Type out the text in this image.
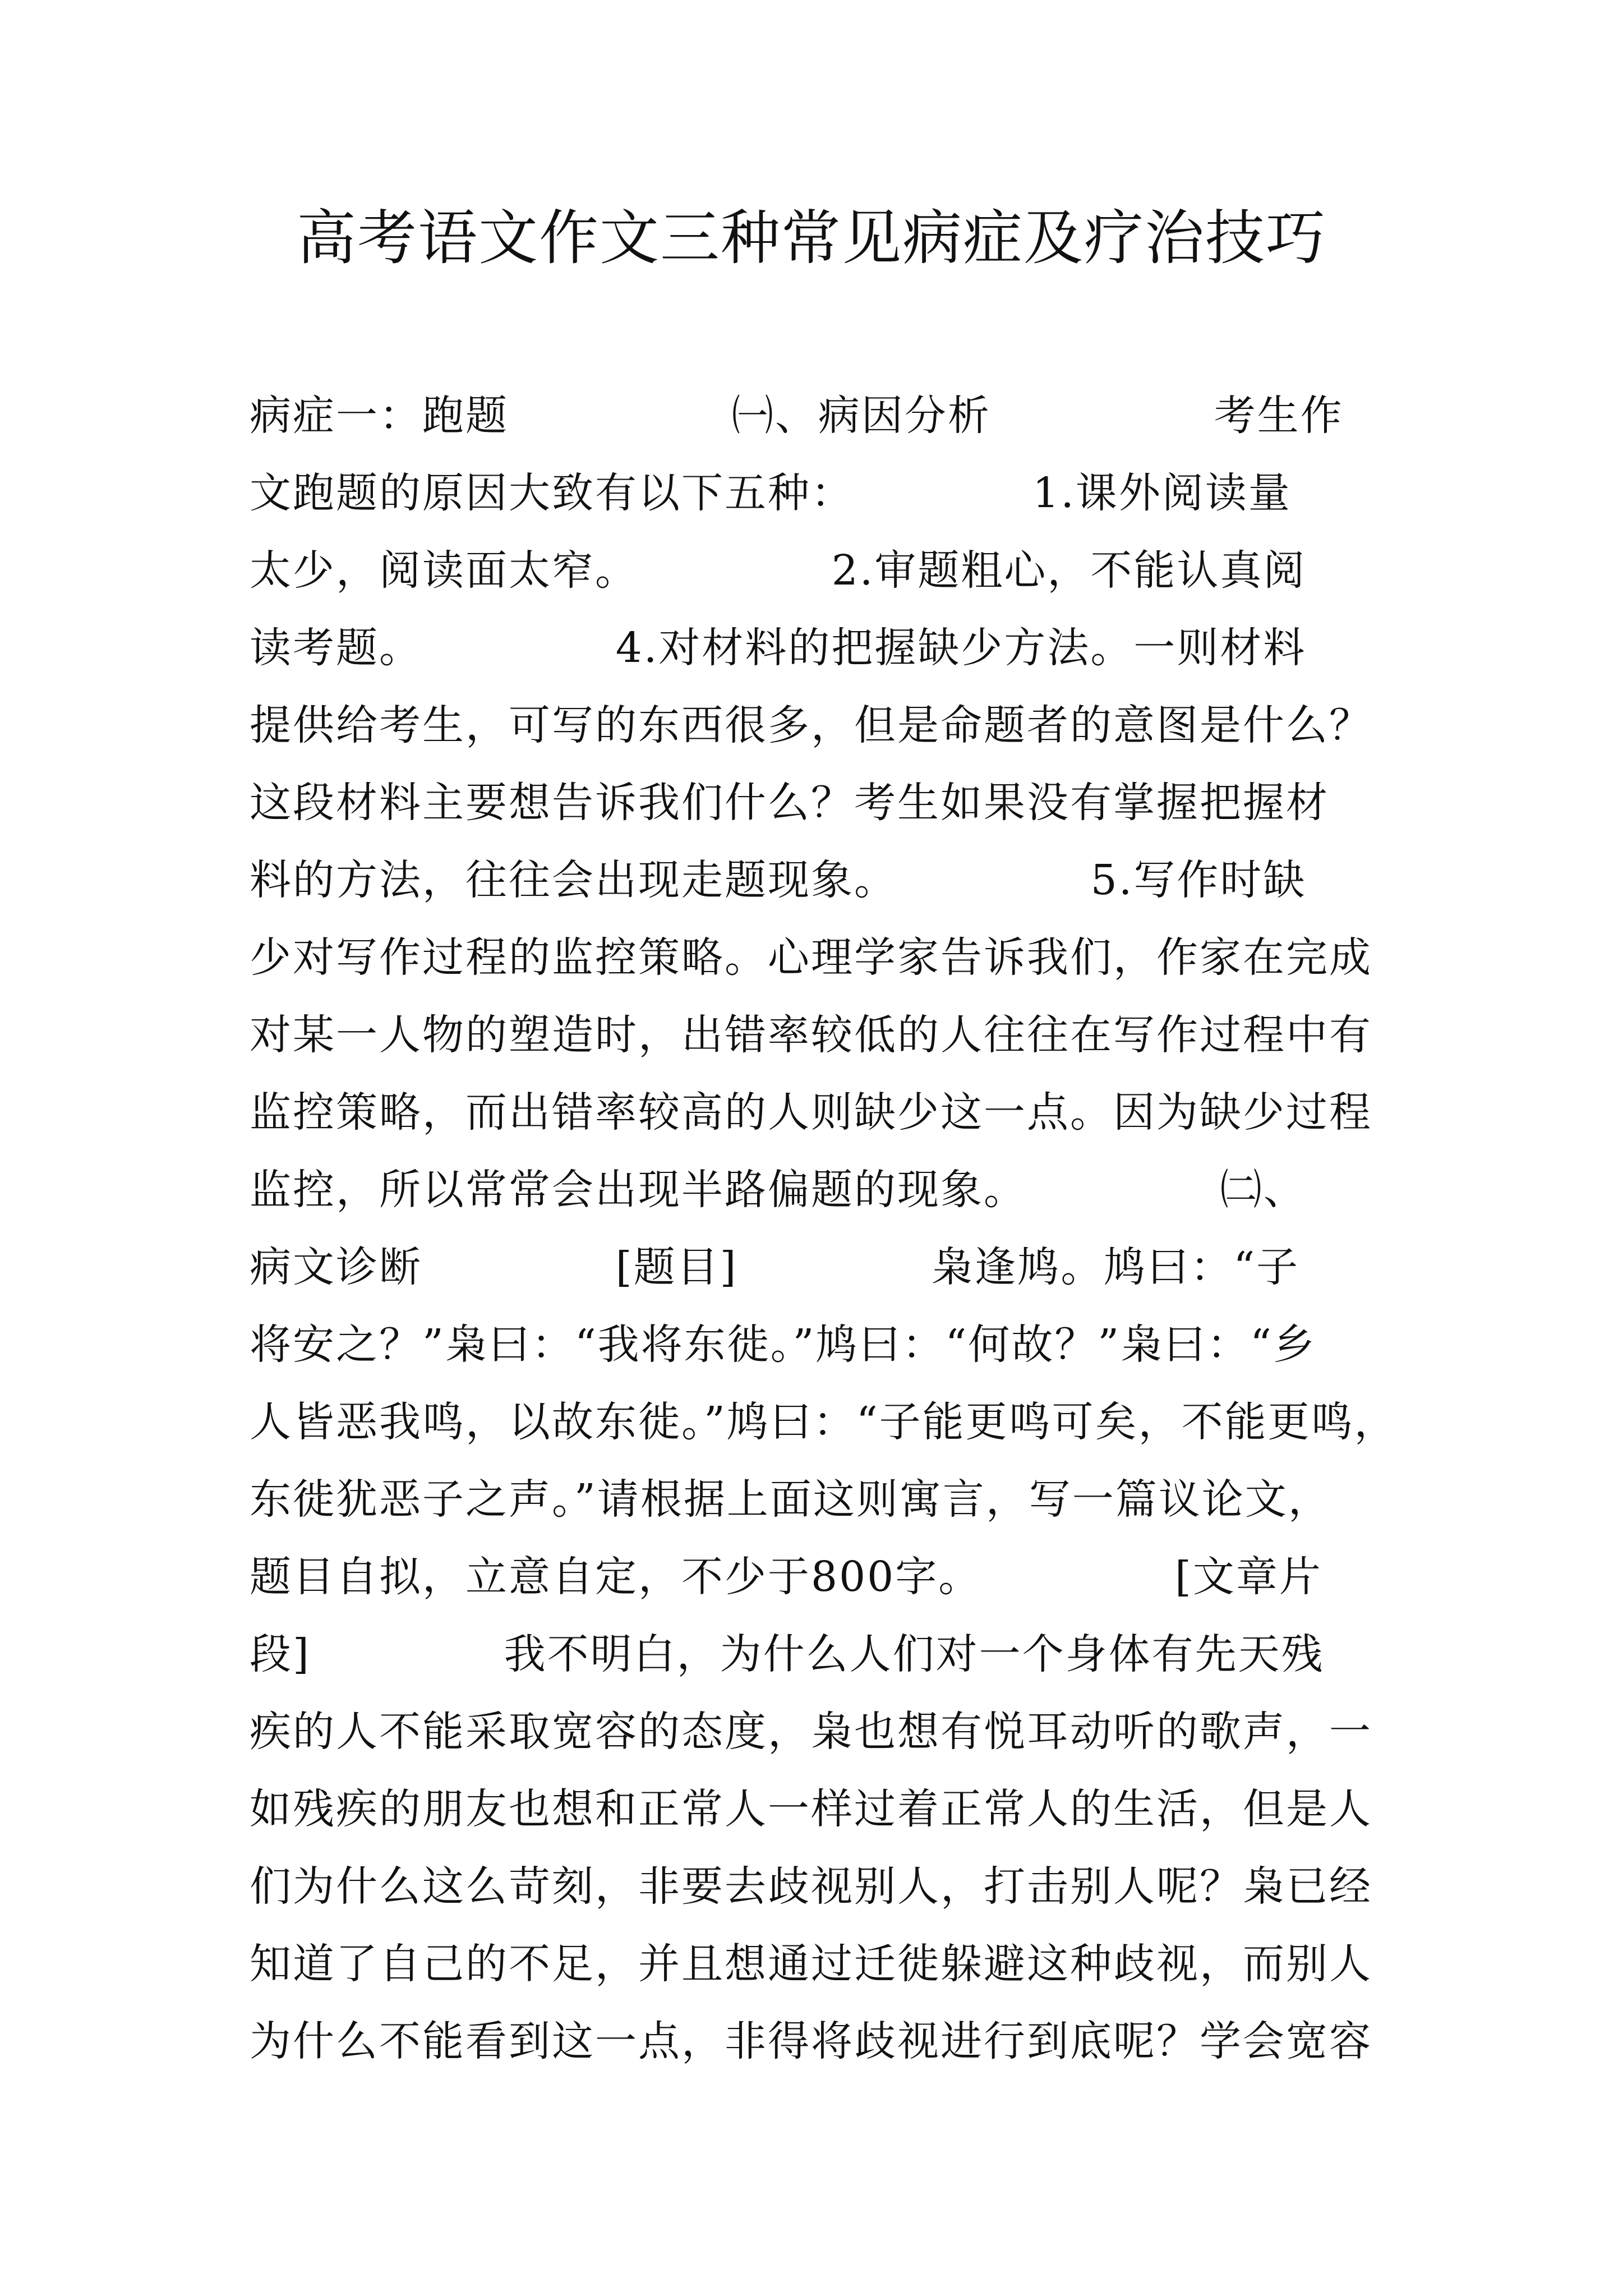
高考语文作文三种常见病症及疗治技巧
病症一：跑题               ㈠、病因分析               考生作
文跑题的原因大致有以下五种：            1.课外阅读量
太少，阅读面太窄。             2.审题粗心，不能认真阅
读考题。             4.对材料的把握缺少方法。一则材料
提供给考生，可写的东西很多，但是命题者的意图是什么？
这段材料主要想告诉我们什么？考生如果没有掌握把握材
料的方法，往往会出现走题现象。             5.写作时缺
少对写作过程的监控策略。心理学家告诉我们，作家在完成
对某一人物的塑造时，出错率较低的人往往在写作过程中有
监控策略，而出错率较高的人则缺少这一点。因为缺少过程
监控，所以常常会出现半路偏题的现象。             ㈡、
病文诊断             [题目]             枭逢鸠。鸠曰：“子
将安之？”枭曰：“我将东徙。”鸠曰：“何故？”枭曰：“乡
人皆恶我鸣，以故东徙。”鸠曰：“子能更鸣可矣，不能更鸣，
东徙犹恶子之声。”请根据上面这则寓言，写一篇议论文，
题目自拟，立意自定，不少于800字。             [文章片
段]             我不明白，为什么人们对一个身体有先天残
疾的人不能采取宽容的态度，枭也想有悦耳动听的歌声，一
如残疾的朋友也想和正常人一样过着正常人的生活，但是人
们为什么这么苛刻，非要去歧视别人，打击别人呢？枭已经
知道了自己的不足，并且想通过迁徙躲避这种歧视，而别人
为什么不能看到这一点，非得将歧视进行到底呢？学会宽容
